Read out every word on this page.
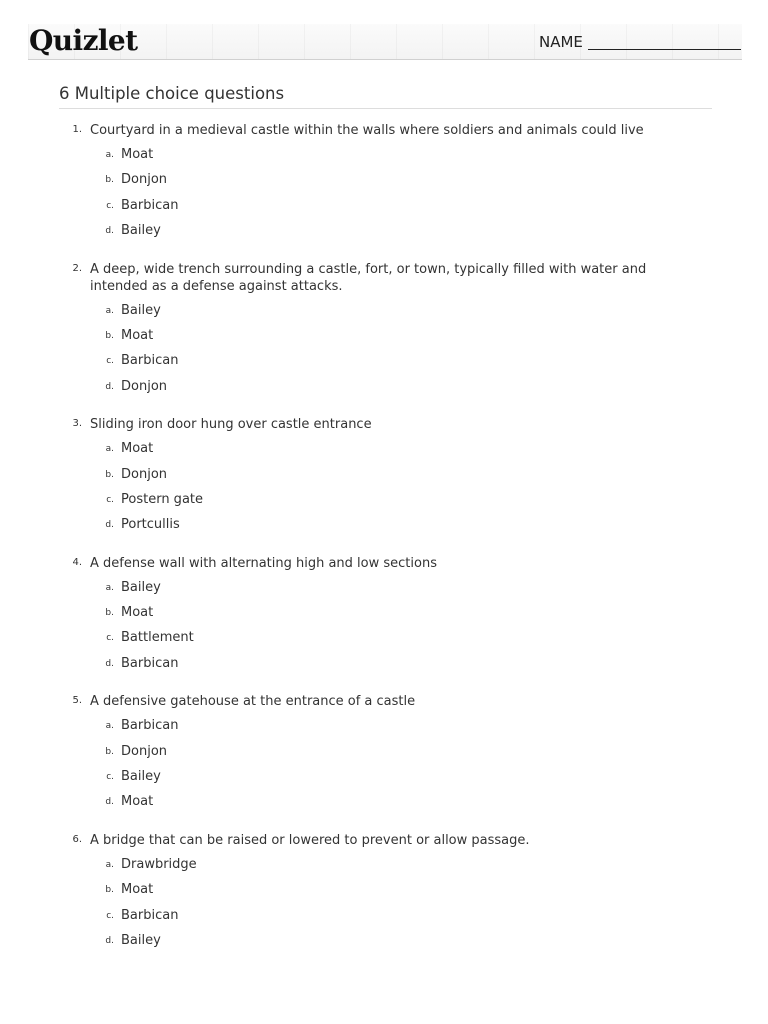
Quizlet	NAME
6 Multiple choice questions
1. Courtyard in a medieval castle within the walls where soldiers and animals could live
a. Moat
b. Donjon
c. Barbican
d. Bailey
2. A deep, wide trench surrounding a castle, fort, or town, typically filled with water and intended as a defense against attacks.
a. Bailey
b. Moat
c. Barbican
d. Donjon
3. Sliding iron door hung over castle entrance
a. Moat
b. Donjon
c. Postern gate
d. Portcullis
4. A defense wall with alternating high and low sections
a. Bailey
b. Moat
c. Battlement
d. Barbican
5. A defensive gatehouse at the entrance of a castle
a. Barbican
b. Donjon
c. Bailey
d. Moat
6. A bridge that can be raised or lowered to prevent or allow passage.
a. Drawbridge
b. Moat
c. Barbican
d. Bailey
